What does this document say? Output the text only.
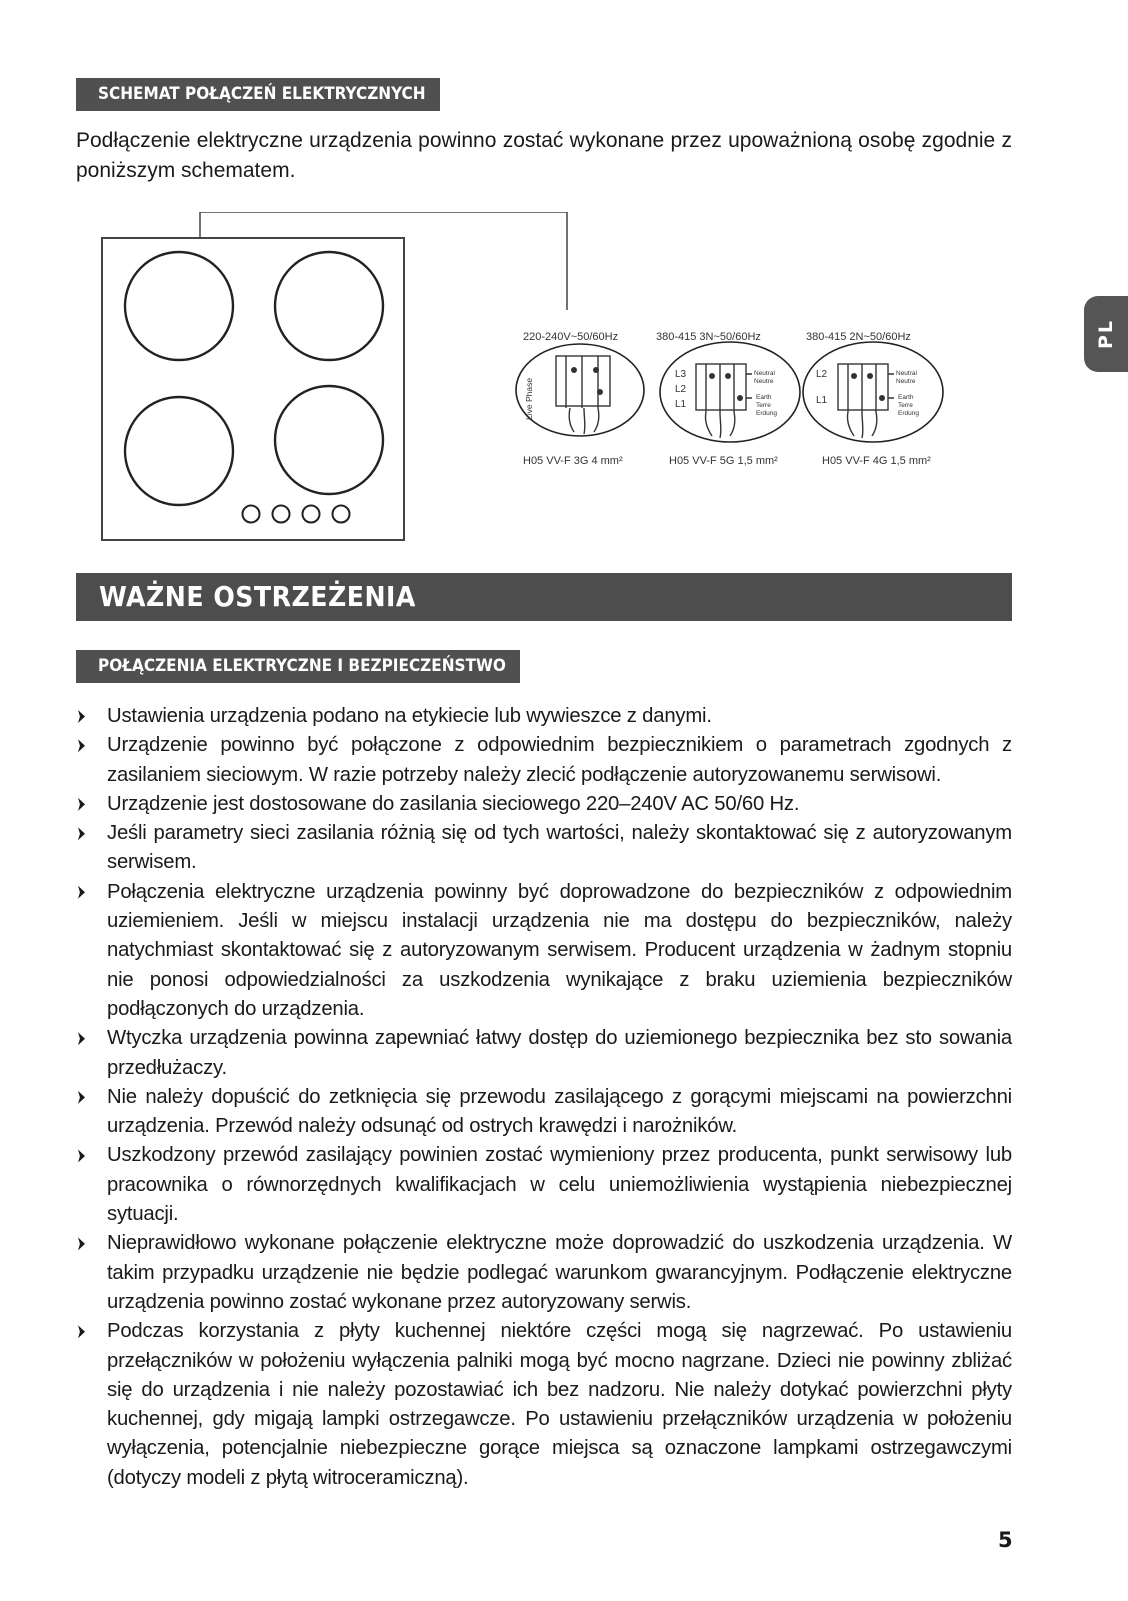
SCHEMAT POŁĄCZEŃ ELEKTRYCZNYCH

Podłączenie elektryczne urządzenia powinno zostać wykonane przez upoważnioną osobę zgodnie z poniższym schematem.

220-240V~50/60Hz
Live Phase
H05 VV-F 3G 4 mm²
380-415 3N~50/60Hz
L3
L2
L1
Neutral
Neutre
Earth
Terre
Erdung
H05 VV-F 5G 1,5 mm²
380-415 2N~50/60Hz
L2
L1
Neutral
Neutre
Earth
Terre
Erdung
H05 VV-F 4G 1,5 mm²
WAŻNE OSTRZEŻENIA
POŁĄCZENIA ELEKTRYCZNE I BEZPIECZEŃSTWO
Ustawienia urządzenia podano na etykiecie lub wywieszce z danymi.
Urządzenie powinno być połączone z odpowiednim bezpiecznikiem o parametrach zgodnych z zasilaniem sieciowym. W razie potrzeby należy zlecić podłączenie autoryzowanemu serwisowi.
Urządzenie jest dostosowane do zasilania sieciowego 220–240V AC 50/60 Hz.
Jeśli parametry sieci zasilania różnią się od tych wartości, należy skontaktować się z autoryzowanym serwisem.
Połączenia elektryczne urządzenia powinny być doprowadzone do bezpieczników z odpowiednim uziemieniem. Jeśli w miejscu instalacji urządzenia nie ma dostępu do bezpieczników, należy natychmiast skontaktować się z autoryzowanym serwisem. Producent urządzenia w żadnym stopniu nie ponosi odpowiedzialności za uszkodzenia wynikające z braku uziemienia bezpieczników podłączonych do urządzenia.
Wtyczka urządzenia powinna zapewniać łatwy dostęp do uziemionego bezpiecznika bez sto sowania przedłużaczy.
Nie należy dopuścić do zetknięcia się przewodu zasilającego z gorącymi miejscami na powierzchni urządzenia. Przewód należy odsunąć od ostrych krawędzi i narożników.
Uszkodzony przewód zasilający powinien zostać wymieniony przez producenta, punkt serwisowy lub pracownika o równorzędnych kwalifikacjach w celu uniemożliwienia wystąpienia niebezpiecznej sytuacji.
Nieprawidłowo wykonane połączenie elektryczne może doprowadzić do uszkodzenia urządzenia. W takim przypadku urządzenie nie będzie podlegać warunkom gwarancyjnym. Podłączenie elektryczne urządzenia powinno zostać wykonane przez autoryzowany serwis.
Podczas korzystania z płyty kuchennej niektóre części mogą się nagrzewać. Po ustawieniu przełączników w położeniu wyłączenia palniki mogą być mocno nagrzane. Dzieci nie powinny zbliżać się do urządzenia i nie należy pozostawiać ich bez nadzoru. Nie należy dotykać powierzchni płyty kuchennej, gdy migają lampki ostrzegawcze. Po ustawieniu przełączników urządzenia w położeniu wyłączenia, potencjalnie niebezpieczne gorące miejsca są oznaczone lampkami ostrzegawczymi (dotyczy modeli z płytą witroceramiczną).
PL
5
